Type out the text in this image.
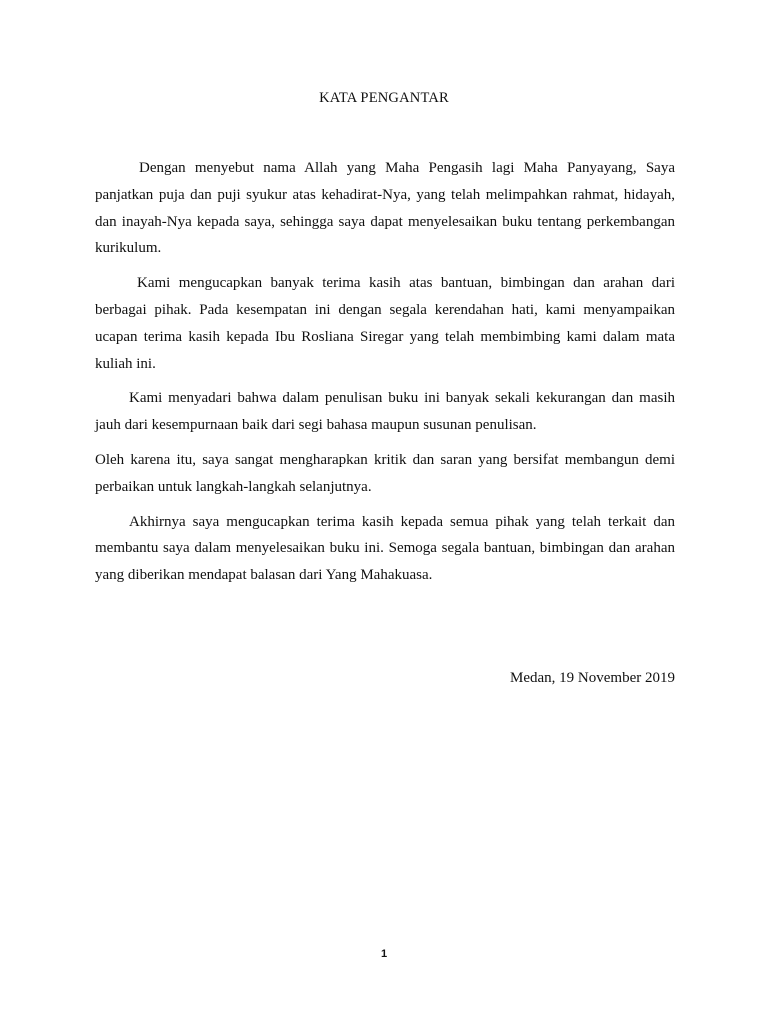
KATA PENGANTAR

Dengan menyebut nama Allah yang Maha Pengasih lagi Maha Panyayang, Saya panjatkan puja dan puji syukur atas kehadirat-Nya, yang telah melimpahkan rahmat, hidayah, dan inayah-Nya kepada saya, sehingga saya dapat menyelesaikan buku tentang perkembangan kurikulum.

Kami mengucapkan banyak terima kasih atas bantuan, bimbingan dan arahan dari berbagai pihak. Pada kesempatan ini dengan segala kerendahan hati, kami menyampaikan ucapan terima kasih kepada Ibu Rosliana Siregar yang telah membimbing kami dalam mata kuliah ini.

Kami menyadari bahwa dalam penulisan buku ini banyak sekali kekurangan dan masih jauh dari kesempurnaan baik dari segi bahasa maupun susunan penulisan.

Oleh karena itu, saya sangat mengharapkan kritik dan saran yang bersifat membangun demi perbaikan untuk langkah-langkah selanjutnya.

Akhirnya saya mengucapkan terima kasih kepada semua pihak yang telah terkait dan membantu saya dalam menyelesaikan buku ini. Semoga segala bantuan, bimbingan dan arahan yang diberikan mendapat balasan dari Yang Mahakuasa.

Medan, 19 November 2019
1
